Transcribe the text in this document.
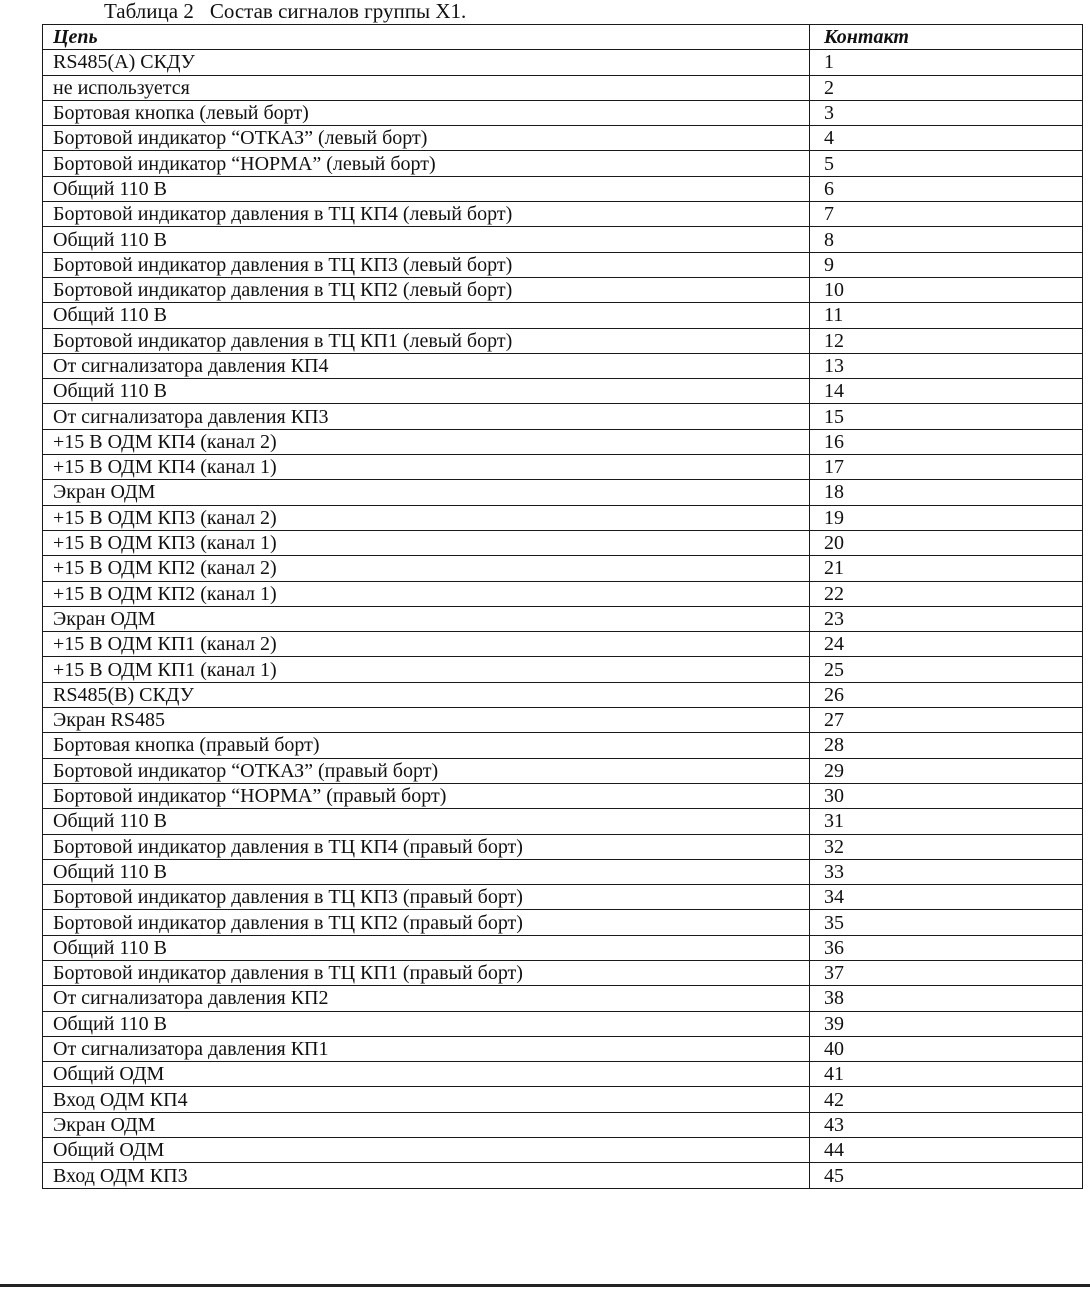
Таблица 2 Состав сигналов группы Х1.
Цепь	Контакт
RS485(A) СКДУ	1
не используется	2
Бортовая кнопка (левый борт)	3
Бортовой индикатор “ОТКАЗ” (левый борт)	4
Бортовой индикатор “НОРМА” (левый борт)	5
Общий 110 В	6
Бортовой индикатор давления в ТЦ КП4 (левый борт)	7
Общий 110 В	8
Бортовой индикатор давления в ТЦ КП3 (левый борт)	9
Бортовой индикатор давления в ТЦ КП2 (левый борт)	10
Общий 110 В	11
Бортовой индикатор давления в ТЦ КП1 (левый борт)	12
От сигнализатора давления КП4	13
Общий 110 В	14
От сигнализатора давления КП3	15
+15 В ОДМ КП4 (канал 2)	16
+15 В ОДМ КП4 (канал 1)	17
Экран ОДМ	18
+15 В ОДМ КП3 (канал 2)	19
+15 В ОДМ КП3 (канал 1)	20
+15 В ОДМ КП2 (канал 2)	21
+15 В ОДМ КП2 (канал 1)	22
Экран ОДМ	23
+15 В ОДМ КП1 (канал 2)	24
+15 В ОДМ КП1 (канал 1)	25
RS485(B) СКДУ	26
Экран RS485	27
Бортовая кнопка (правый борт)	28
Бортовой индикатор “ОТКАЗ” (правый борт)	29
Бортовой индикатор “НОРМА” (правый борт)	30
Общий 110 В	31
Бортовой индикатор давления в ТЦ КП4 (правый борт)	32
Общий 110 В	33
Бортовой индикатор давления в ТЦ КП3 (правый борт)	34
Бортовой индикатор давления в ТЦ КП2 (правый борт)	35
Общий 110 В	36
Бортовой индикатор давления в ТЦ КП1 (правый борт)	37
От сигнализатора давления КП2	38
Общий 110 В	39
От сигнализатора давления КП1	40
Общий ОДМ	41
Вход ОДМ КП4	42
Экран ОДМ	43
Общий ОДМ	44
Вход ОДМ КП3	45
